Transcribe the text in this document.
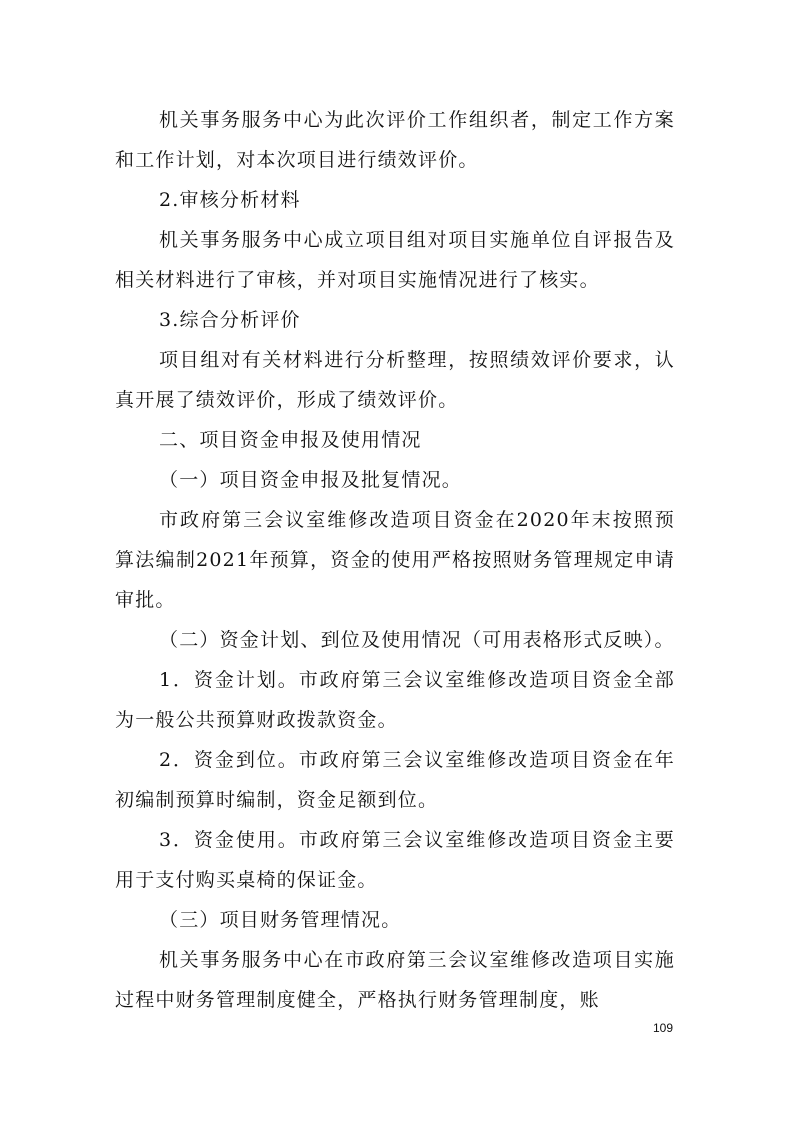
机关事务服务中心为此次评价工作组织者，制定工作方案和工作计划，对本次项目进行绩效评价。

2.审核分析材料

机关事务服务中心成立项目组对项目实施单位自评报告及相关材料进行了审核，并对项目实施情况进行了核实。

3.综合分析评价

项目组对有关材料进行分析整理，按照绩效评价要求，认真开展了绩效评价，形成了绩效评价。

二、项目资金申报及使用情况

（一）项目资金申报及批复情况。

市政府第三会议室维修改造项目资金在2020年末按照预算法编制2021年预算，资金的使用严格按照财务管理规定申请审批。

（二）资金计划、到位及使用情况（可用表格形式反映）。

1．资金计划。市政府第三会议室维修改造项目资金全部为一般公共预算财政拨款资金。

2．资金到位。市政府第三会议室维修改造项目资金在年初编制预算时编制，资金足额到位。

3．资金使用。市政府第三会议室维修改造项目资金主要用于支付购买桌椅的保证金。

（三）项目财务管理情况。

机关事务服务中心在市政府第三会议室维修改造项目实施过程中财务管理制度健全，严格执行财务管理制度，账

109
